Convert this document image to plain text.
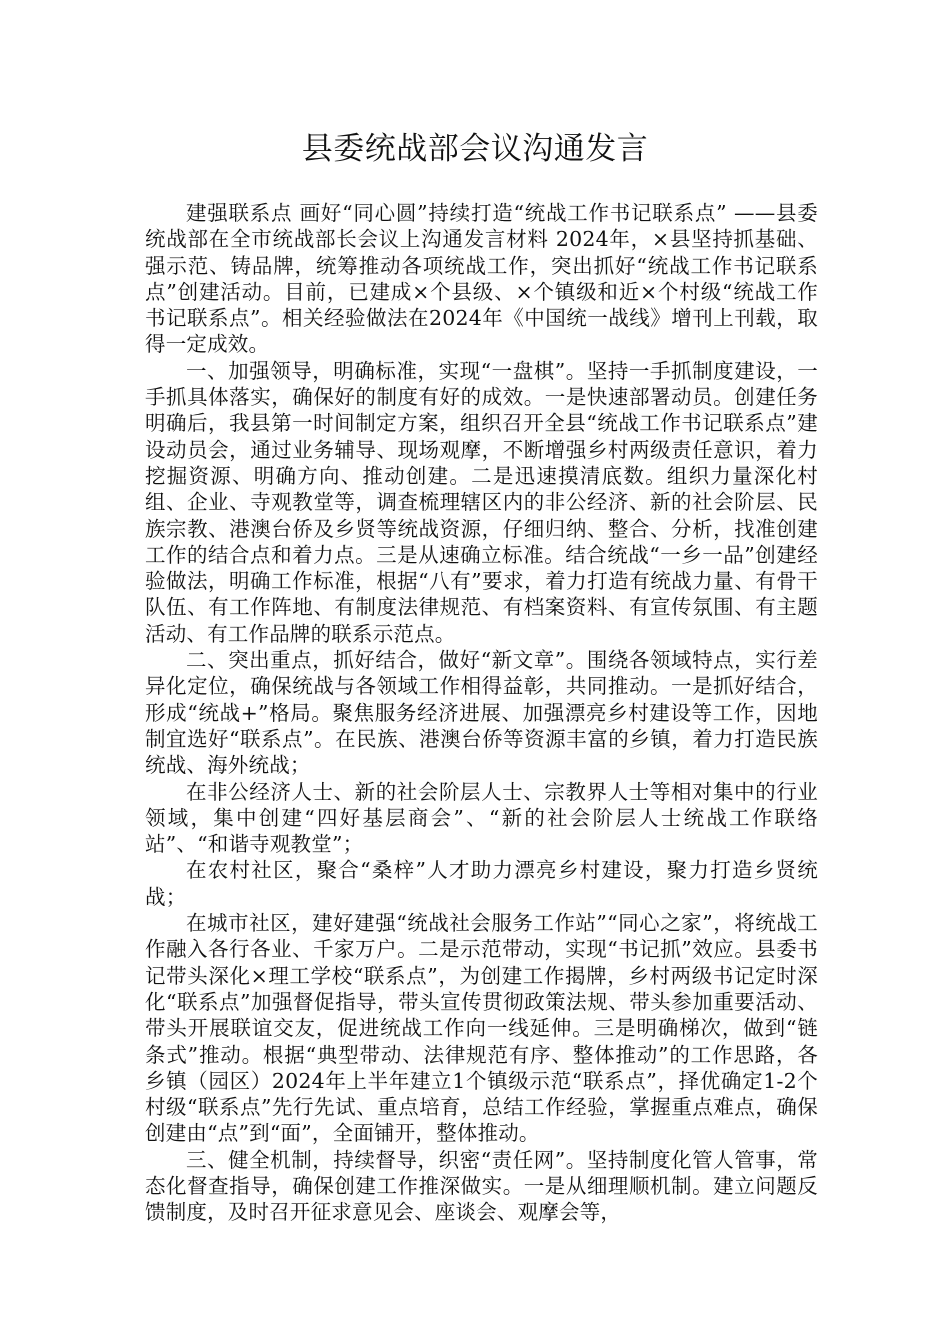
县委统战部会议沟通发言

建强联系点 画好“同心圆”持续打造“统战工作书记联系点” ——县委统战部在全市统战部长会议上沟通发言材料 2024年，×县坚持抓基础、强示范、铸品牌，统筹推动各项统战工作，突出抓好“统战工作书记联系点”创建活动。目前，已建成×个县级、×个镇级和近×个村级“统战工作书记联系点”。相关经验做法在2024年《中国统一战线》增刊上刊载，取得一定成效。

一、加强领导，明确标准，实现“一盘棋”。坚持一手抓制度建设，一手抓具体落实，确保好的制度有好的成效。一是快速部署动员。创建任务明确后，我县第一时间制定方案，组织召开全县“统战工作书记联系点”建设动员会，通过业务辅导、现场观摩，不断增强乡村两级责任意识，着力挖掘资源、明确方向、推动创建。二是迅速摸清底数。组织力量深化村组、企业、寺观教堂等，调查梳理辖区内的非公经济、新的社会阶层、民族宗教、港澳台侨及乡贤等统战资源，仔细归纳、整合、分析，找准创建工作的结合点和着力点。三是从速确立标准。结合统战“一乡一品”创建经验做法，明确工作标准，根据“八有”要求，着力打造有统战力量、有骨干队伍、有工作阵地、有制度法律规范、有档案资料、有宣传氛围、有主题活动、有工作品牌的联系示范点。

二、突出重点，抓好结合，做好“新文章”。围绕各领域特点，实行差异化定位，确保统战与各领域工作相得益彰，共同推动。一是抓好结合，形成“统战+”格局。聚焦服务经济进展、加强漂亮乡村建设等工作，因地制宜选好“联系点”。在民族、港澳台侨等资源丰富的乡镇，着力打造民族统战、海外统战；

在非公经济人士、新的社会阶层人士、宗教界人士等相对集中的行业领域，集中创建“四好基层商会”、“新的社会阶层人士统战工作联络站”、“和谐寺观教堂”；

在农村社区，聚合“桑梓”人才助力漂亮乡村建设，聚力打造乡贤统战；

在城市社区，建好建强“统战社会服务工作站”“同心之家”，将统战工作融入各行各业、千家万户。二是示范带动，实现“书记抓”效应。县委书记带头深化×理工学校“联系点”，为创建工作揭牌，乡村两级书记定时深化“联系点”加强督促指导，带头宣传贯彻政策法规、带头参加重要活动、带头开展联谊交友，促进统战工作向一线延伸。三是明确梯次，做到“链条式”推动。根据“典型带动、法律规范有序、整体推动”的工作思路，各乡镇（园区）2024年上半年建立1个镇级示范“联系点”，择优确定1-2个村级“联系点”先行先试、重点培育，总结工作经验，掌握重点难点，确保创建由“点”到“面”，全面铺开，整体推动。

三、健全机制，持续督导，织密“责任网”。坚持制度化管人管事，常态化督查指导，确保创建工作推深做实。一是从细理顺机制。建立问题反馈制度，及时召开征求意见会、座谈会、观摩会等，
